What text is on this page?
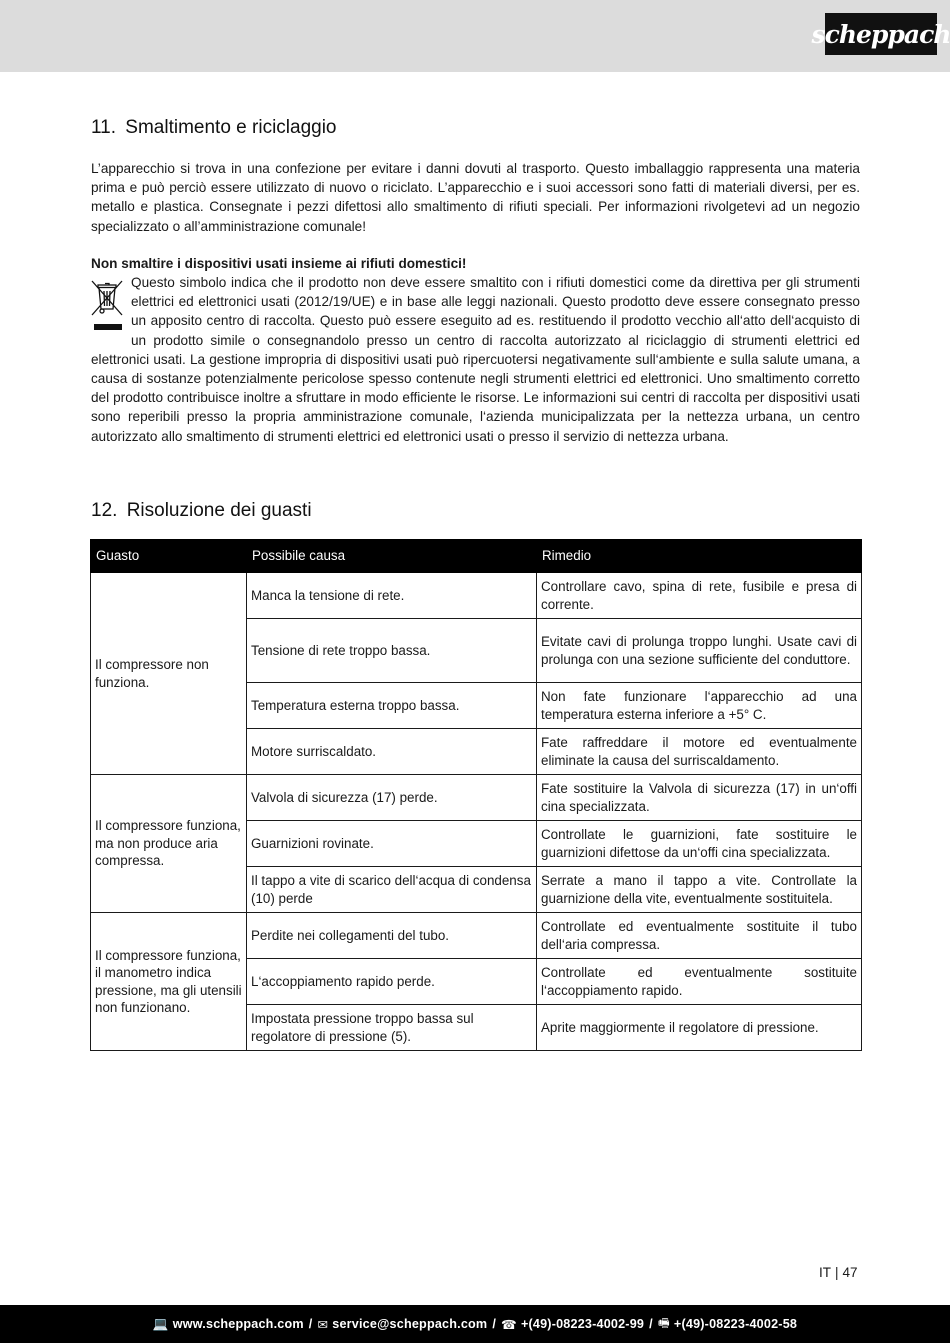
scheppach
11. Smaltimento e riciclaggio

L’apparecchio si trova in una confezione per evitare i danni dovuti al trasporto. Questo imballaggio rappresenta una materia prima e può perciò essere utilizzato di nuovo o riciclato. L’apparecchio e i suoi accessori sono fatti di materiali diversi, per es. metallo e plastica. Consegnate i pezzi difettosi allo smaltimento di rifiuti speciali. Per informazioni rivolgetevi ad un negozio specializzato o all’amministrazione comunale!

Non smaltire i dispositivi usati insieme ai rifiuti domestici!

Questo simbolo indica che il prodotto non deve essere smaltito con i rifiuti domestici come da direttiva per gli strumenti elettrici ed elettronici usati (2012/19/UE) e in base alle leggi nazionali. Questo prodotto deve essere consegnato presso un apposito centro di raccolta. Questo può essere eseguito ad es. restituendo il prodotto vecchio all‘atto dell‘acquisto di un prodotto simile o consegnandolo presso un centro di raccolta autorizzato al riciclaggio di strumenti elettrici ed elettronici usati. La gestione impropria di dispositivi usati può ripercuotersi negativamente sull‘ambiente e sulla salute umana, a causa di sostanze potenzialmente pericolose spesso contenute negli strumenti elettrici ed elettronici. Uno smaltimento corretto del prodotto contribuisce inoltre a sfruttare in modo efficiente le risorse. Le informazioni sui centri di raccolta per dispositivi usati sono reperibili presso la propria amministrazione comunale, l‘azienda municipalizzata per la nettezza urbana, un centro autorizzato allo smaltimento di strumenti elettrici ed elettronici usati o presso il servizio di nettezza urbana.
12. Risoluzione dei guasti
Guasto	Possibile causa	Rimedio
Il compressore non funziona.	Manca la tensione di rete.	Controllare cavo, spina di rete, fusibile e presa di corrente.
	Tensione di rete troppo bassa.	Evitate cavi di prolunga troppo lunghi. Usate cavi di prolunga con una sezione sufficiente del conduttore.
	Temperatura esterna troppo bassa.	Non fate funzionare l‘apparecchio ad una temperatura esterna inferiore a +5° C.
	Motore surriscaldato.	Fate raffreddare il motore ed eventualmente eliminate la causa del surriscaldamento.
Il compressore funziona, ma non produce aria compressa.	Valvola di sicurezza (17) perde.	Fate sostituire la Valvola di sicurezza (17) in un‘offi cina specializzata.
	Guarnizioni rovinate.	Controllate le guarnizioni, fate sostituire le guarnizioni difettose da un‘offi cina specializzata.
	Il tappo a vite di scarico dell‘acqua di condensa (10) perde	Serrate a mano il tappo a vite. Controllate la guarnizione della vite, eventualmente sostituitela.
Il compressore funziona, il manometro indica pressione, ma gli utensili non funzionano.	Perdite nei collegamenti del tubo.	Controllate ed eventualmente sostituite il tubo dell‘aria compressa.
	L‘accoppiamento rapido perde.	Controllate ed eventualmente sostituite l‘accoppiamento rapido.
	Impostata pressione troppo bassa sul regolatore di pressione (5).	Aprite maggiormente il regolatore di pressione.
IT | 47
💻 www.scheppach.com / ✉ service@scheppach.com / ☎ +(49)-08223-4002-99 / 🖷 +(49)-08223-4002-58
